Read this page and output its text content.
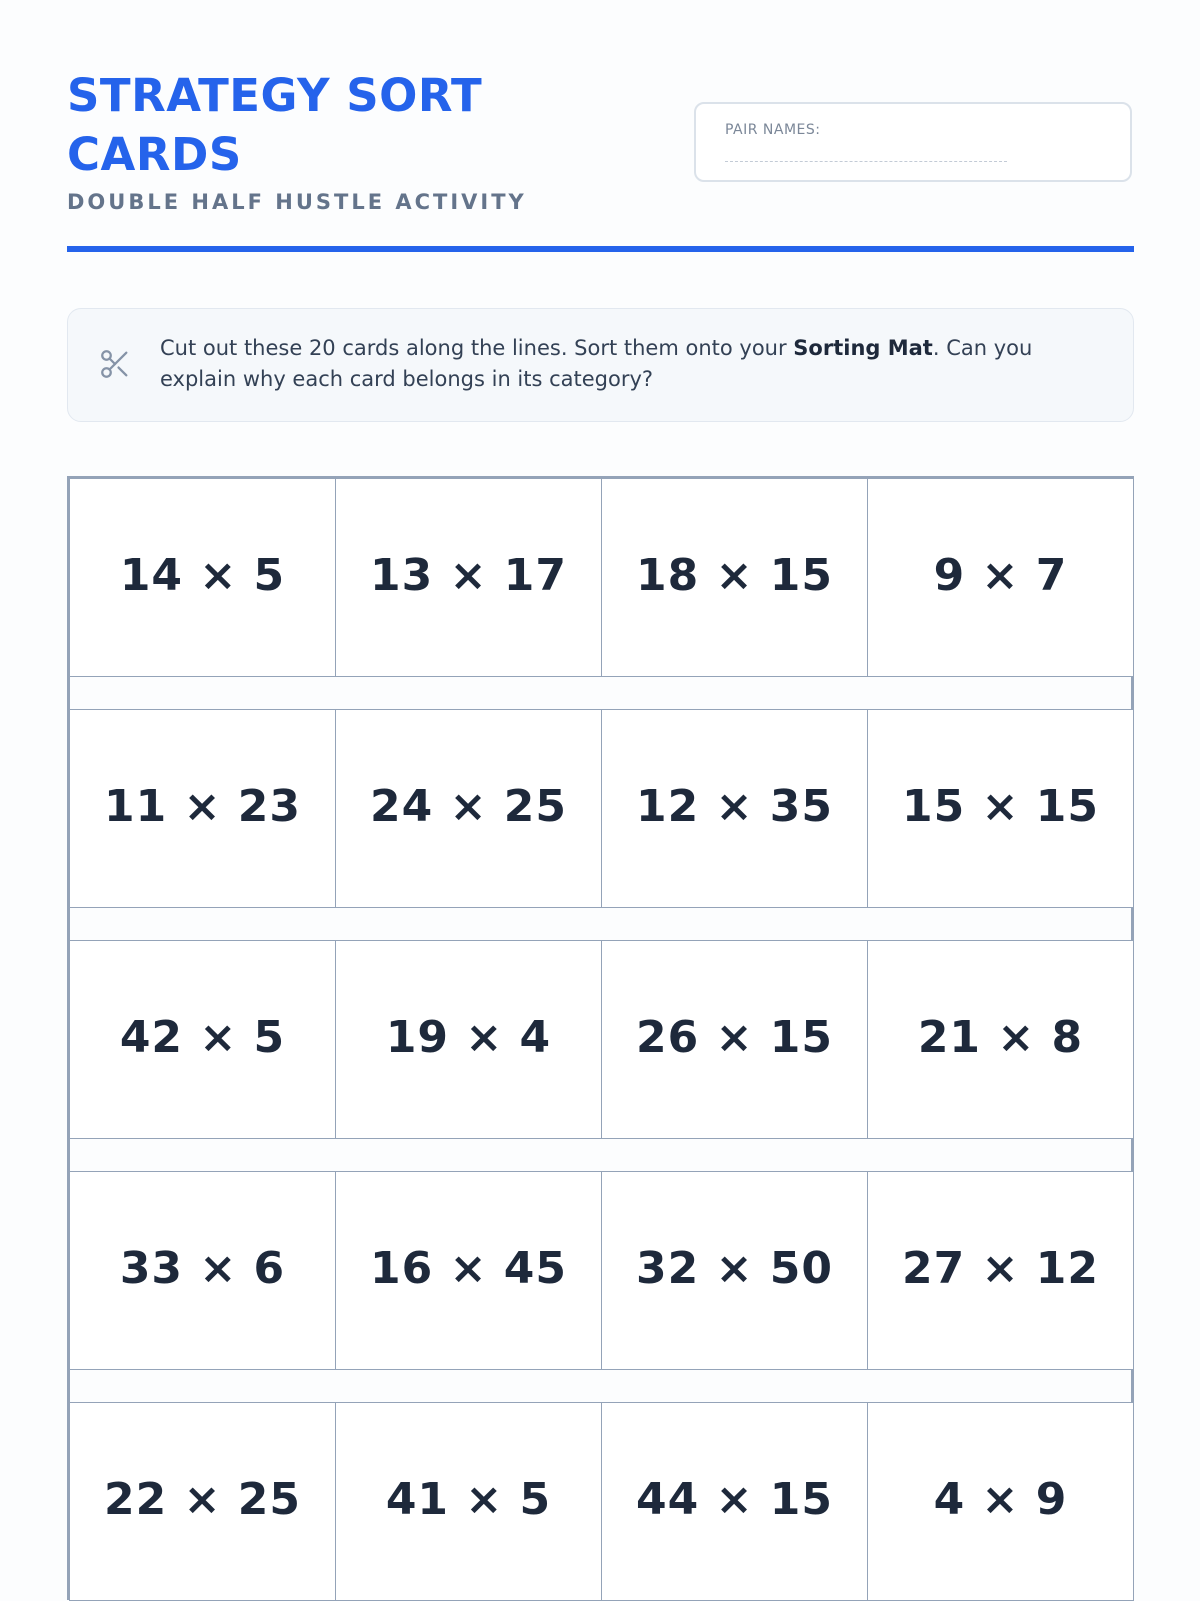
STRATEGY SORT CARDS
DOUBLE HALF HUSTLE ACTIVITY
PAIR NAMES:
Cut out these 20 cards along the lines. Sort them onto your Sorting Mat. Can you explain why each card belongs in its category?
14 × 5	13 × 17	18 × 15	9 × 7
11 × 23	24 × 25	12 × 35	15 × 15
42 × 5	19 × 4	26 × 15	21 × 8
33 × 6	16 × 45	32 × 50	27 × 12
22 × 25	41 × 5	44 × 15	4 × 9
